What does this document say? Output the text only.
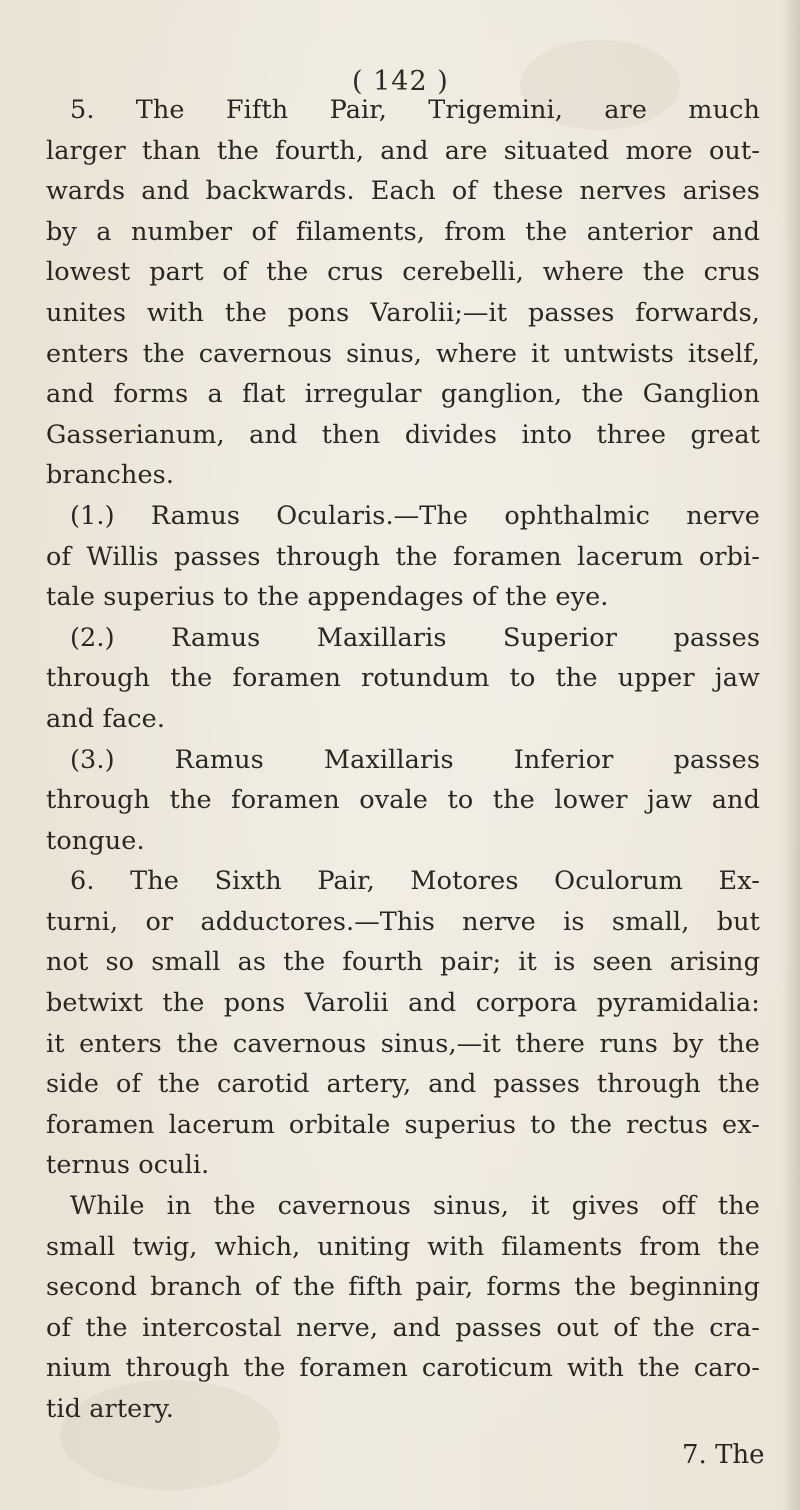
( 142 )
5. The Fifth Pair, Trigemini, are much
larger than the fourth, and are situated more out-
wards and backwards. Each of these nerves arises
by a number of filaments, from the anterior and
lowest part of the crus cerebelli, where the crus
unites with the pons Varolii;—it passes forwards,
enters the cavernous sinus, where it untwists itself,
and forms a flat irregular ganglion, the Ganglion
Gasserianum, and then divides into three great
branches.
(1.) Ramus Ocularis.—The ophthalmic nerve
of Willis passes through the foramen lacerum orbi-
tale superius to the appendages of the eye.
(2.) Ramus Maxillaris Superior passes
through the foramen rotundum to the upper jaw
and face.
(3.) Ramus Maxillaris Inferior passes
through the foramen ovale to the lower jaw and
tongue.
6. The Sixth Pair, Motores Oculorum Ex-
turni, or adductores.—This nerve is small, but
not so small as the fourth pair; it is seen arising
betwixt the pons Varolii and corpora pyramidalia:
it enters the cavernous sinus,—it there runs by the
side of the carotid artery, and passes through the
foramen lacerum orbitale superius to the rectus ex-
ternus oculi.
While in the cavernous sinus, it gives off the
small twig, which, uniting with filaments from the
second branch of the fifth pair, forms the beginning
of the intercostal nerve, and passes out of the cra-
nium through the foramen caroticum with the caro-
tid artery.
7. The
